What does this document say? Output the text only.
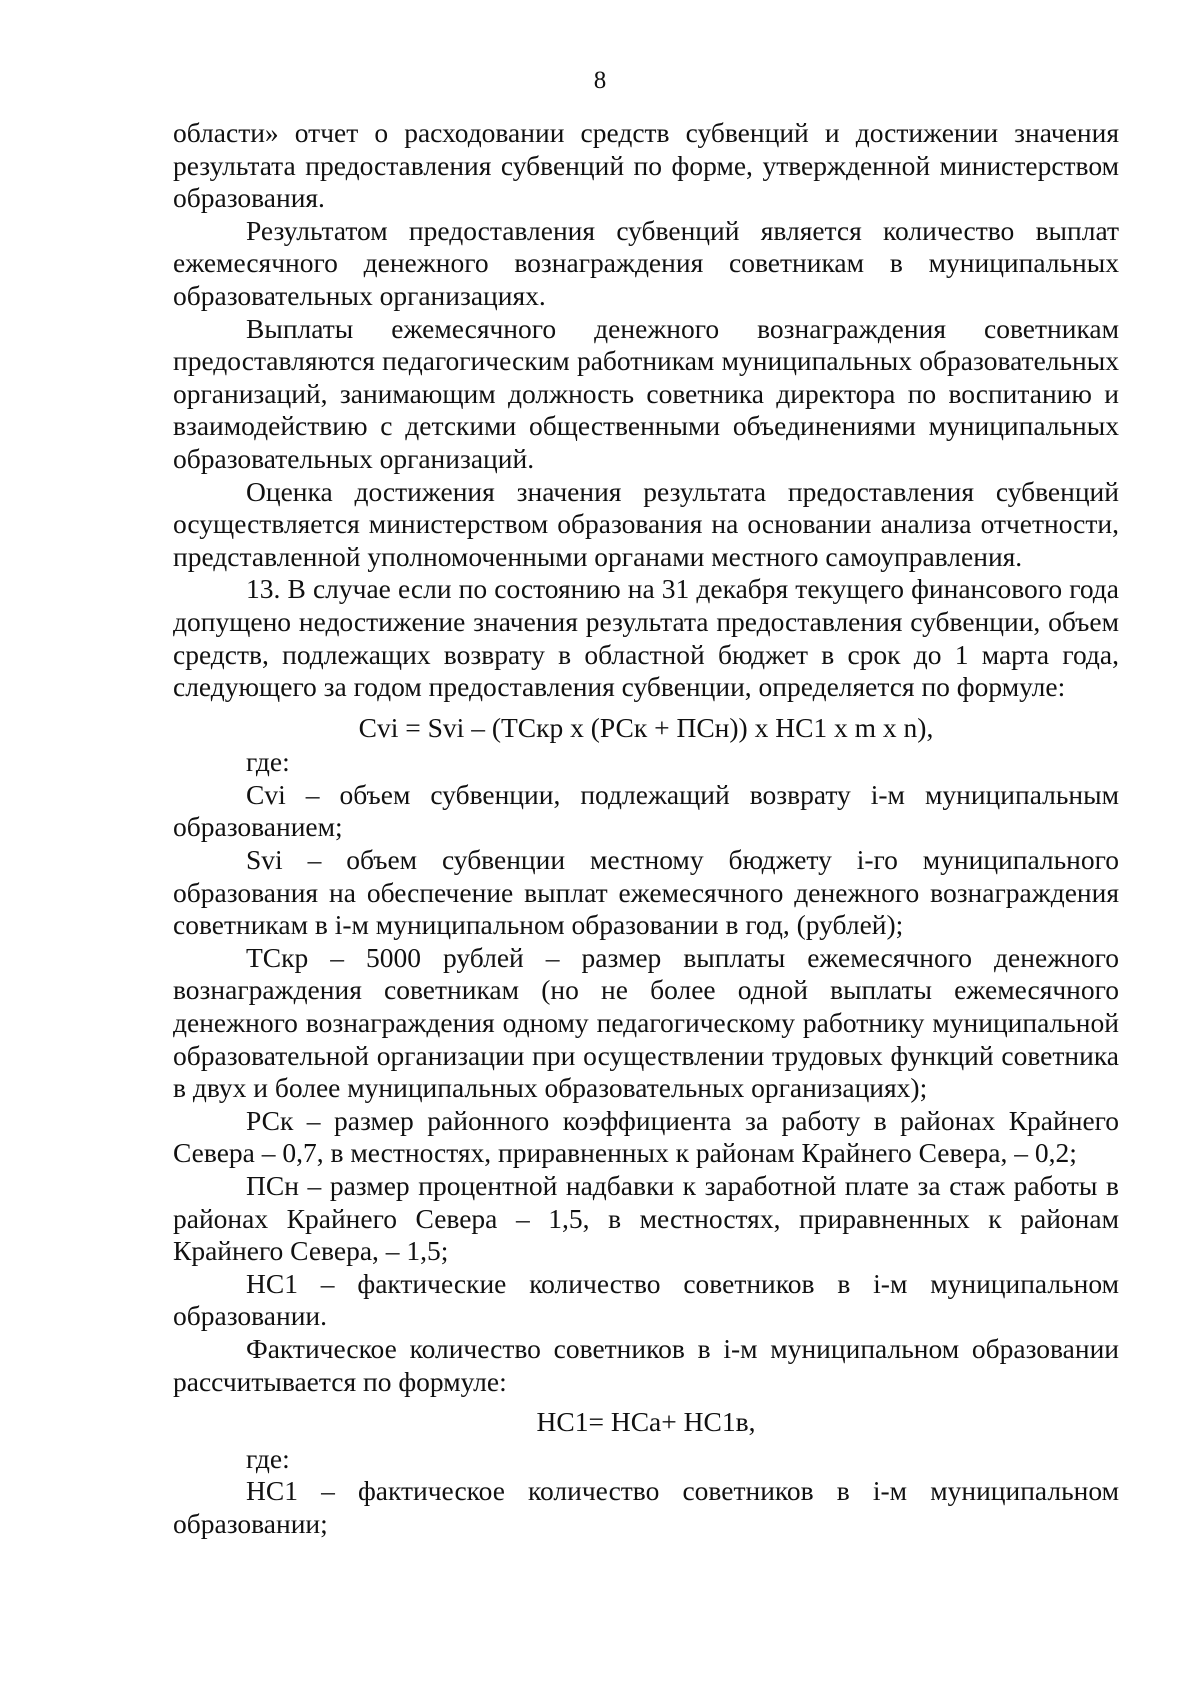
8

области» отчет о расходовании средств субвенций и достижении значения результата предоставления субвенций по форме, утвержденной министерством образования.

Результатом предоставления субвенций является количество выплат ежемесячного денежного вознаграждения советникам в муниципальных образовательных организациях.

Выплаты ежемесячного денежного вознаграждения советникам предоставляются педагогическим работникам муниципальных образовательных организаций, занимающим должность советника директора по воспитанию и взаимодействию с детскими общественными объединениями муниципальных образовательных организаций.

Оценка достижения значения результата предоставления субвенций осуществляется министерством образования на основании анализа отчетности, представленной уполномоченными органами местного самоуправления.

13. В случае если по состоянию на 31 декабря текущего финансового года допущено недостижение значения результата предоставления субвенции, объем средств, подлежащих возврату в областной бюджет в срок до 1 марта года, следующего за годом предоставления субвенции, определяется по формуле:

Cvi = Svi – (ТСкр х (РСк + ПСн)) х НС1 х m х n),

где:

Cvi – объем субвенции, подлежащий возврату i-м муниципальным образованием;

Svi – объем субвенции местному бюджету i-го муниципального образования на обеспечение выплат ежемесячного денежного вознаграждения советникам в i-м муниципальном образовании в год, (рублей);

ТСкр – 5000 рублей – размер выплаты ежемесячного денежного вознаграждения советникам (но не более одной выплаты ежемесячного денежного вознаграждения одному педагогическому работнику муниципальной образовательной организации при осуществлении трудовых функций советника в двух и более муниципальных образовательных организациях);

РСк – размер районного коэффициента за работу в районах Крайнего Севера – 0,7, в местностях, приравненных к районам Крайнего Севера, – 0,2;

ПСн – размер процентной надбавки к заработной плате за стаж работы в районах Крайнего Севера – 1,5, в местностях, приравненных к районам Крайнего Севера, – 1,5;

НС1 – фактические количество советников в i-м муниципальном образовании.

Фактическое количество советников в i-м муниципальном образовании рассчитывается по формуле:

НС1= НСа+ НС1в,

где:

НС1 – фактическое количество советников в i-м муниципальном образовании;
